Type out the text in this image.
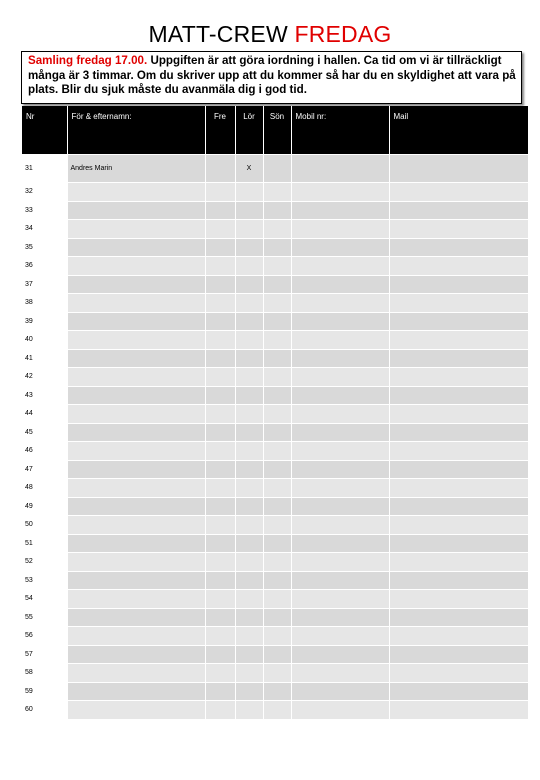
MATT-CREW FREDAG
Samling fredag 17.00. Uppgiften är att göra iordning i hallen. Ca tid om vi är tillräckligt många är 3 timmar. Om du skriver upp att du kommer så har du en skyldighet att vara på plats. Blir du sjuk måste du avanmäla dig i god tid.
Nr	För & efternamn:	Fre	Lör	Sön	Mobil nr:	Mail
31	Andres Marin		X			
32						
33						
34						
35						
36						
37						
38						
39						
40						
41						
42						
43						
44						
45						
46						
47						
48						
49						
50						
51						
52						
53						
54						
55						
56						
57						
58						
59						
60						
